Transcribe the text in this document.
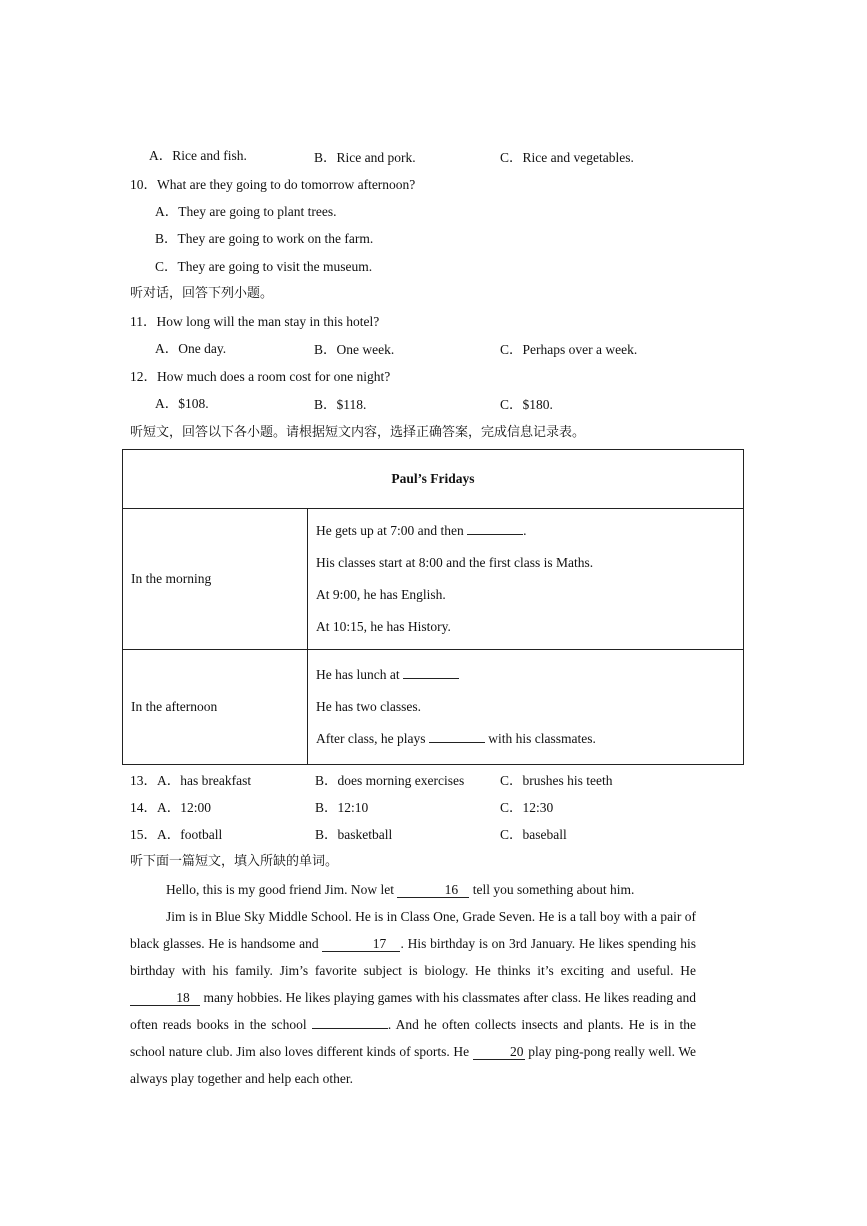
A．Rice and fish.	B．Rice and pork.	C．Rice and vegetables.
10．What are they going to do tomorrow afternoon?
A．They are going to plant trees.
B．They are going to work on the farm.
C．They are going to visit the museum.
听对话，回答下列小题。
11．How long will the man stay in this hotel?
A．One day.	B．One week.	C．Perhaps over a week.
12．How much does a room cost for one night?
A．$108.	B．$118.	C．$180.
听短文，回答以下各小题。请根据短文内容，选择正确答案，完成信息记录表。
Paul’s Fridays	
In the morning	He gets up at 7:00 and then .
His classes start at 8:00 and the first class is Maths.
At 9:00, he has English.
At 10:15, he has History.

In the afternoon	He has lunch at
He has two classes.
After class, he plays with his classmates.
13．A．has breakfast	B．does morning exercises	C．brushes his teeth
14．A．12:00	B．12:10	C．12:30
15．A．football	B．basketball	C．baseball
听下面一篇短文，填入所缺的单词。

Hello, this is my good friend Jim. Now let	16 tell you something about him.

Jim is in Blue Sky Middle School. He is in Class One, Grade Seven. He is a tall boy with a pair of black glasses. He is handsome and	17 . His birthday is on 3rd January. He likes spending his birthday with his family. Jim’s favorite subject is biology. He thinks it’s exciting and useful. He 18 many hobbies. He likes playing games with his classmates after class. He likes reading and often reads books in the school	. And he often collects insects and plants. He is in the school nature club. Jim also loves different kinds of sports. He	20 play ping-pong really well. We always play together and help each other.
